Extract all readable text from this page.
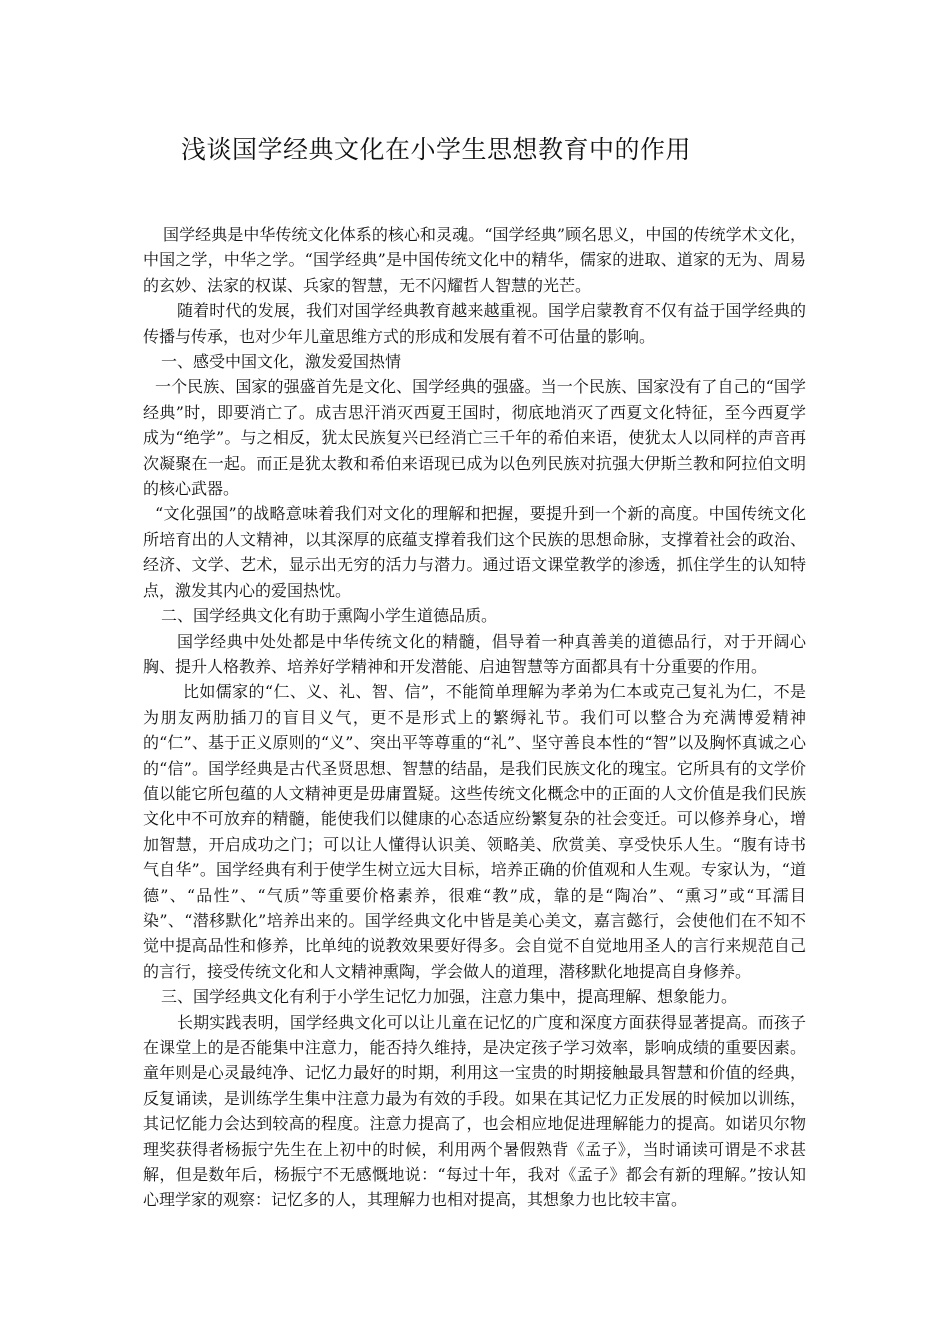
浅谈国学经典文化在小学生思想教育中的作用

国学经典是中华传统文化体系的核心和灵魂。“国学经典”顾名思义，中国的传统学术文化，中国之学，中华之学。“国学经典”是中国传统文化中的精华，儒家的进取、道家的无为、周易的玄妙、法家的权谋、兵家的智慧，无不闪耀哲人智慧的光芒。

随着时代的发展，我们对国学经典教育越来越重视。国学启蒙教育不仅有益于国学经典的传播与传承，也对少年儿童思维方式的形成和发展有着不可估量的影响。

一、感受中国文化，激发爱国热情

一个民族、国家的强盛首先是文化、国学经典的强盛。当一个民族、国家没有了自己的“国学经典”时，即要消亡了。成吉思汗消灭西夏王国时，彻底地消灭了西夏文化特征，至今西夏学成为“绝学”。与之相反，犹太民族复兴已经消亡三千年的希伯来语，使犹太人以同样的声音再次凝聚在一起。而正是犹太教和希伯来语现已成为以色列民族对抗强大伊斯兰教和阿拉伯文明的核心武器。

“文化强国”的战略意味着我们对文化的理解和把握，要提升到一个新的高度。中国传统文化所培育出的人文精神，以其深厚的底蕴支撑着我们这个民族的思想命脉，支撑着社会的政治、经济、文学、艺术，显示出无穷的活力与潜力。通过语文课堂教学的渗透，抓住学生的认知特点，激发其内心的爱国热忱。

二、国学经典文化有助于熏陶小学生道德品质。

国学经典中处处都是中华传统文化的精髓，倡导着一种真善美的道德品行，对于开阔心胸、提升人格教养、培养好学精神和开发潜能、启迪智慧等方面都具有十分重要的作用。

比如儒家的“仁、义、礼、智、信”，不能简单理解为孝弟为仁本或克己复礼为仁，不是为朋友两肋插刀的盲目义气，更不是形式上的繁缛礼节。我们可以整合为充满博爱精神的“仁”、基于正义原则的“义”、突出平等尊重的“礼”、坚守善良本性的“智”以及胸怀真诚之心的“信”。国学经典是古代圣贤思想、智慧的结晶，是我们民族文化的瑰宝。它所具有的文学价值以能它所包蕴的人文精神更是毋庸置疑。这些传统文化概念中的正面的人文价值是我们民族文化中不可放弃的精髓，能使我们以健康的心态适应纷繁复杂的社会变迁。可以修养身心，增加智慧，开启成功之门；可以让人懂得认识美、领略美、欣赏美、享受快乐人生。“腹有诗书气自华”。国学经典有利于使学生树立远大目标，培养正确的价值观和人生观。专家认为，“道德”、“品性”、“气质”等重要价格素养，很难“教”成，靠的是“陶冶”、“熏习”或“耳濡目染”、“潜移默化”培养出来的。国学经典文化中皆是美心美文，嘉言懿行，会使他们在不知不觉中提高品性和修养，比单纯的说教效果要好得多。会自觉不自觉地用圣人的言行来规范自己的言行，接受传统文化和人文精神熏陶，学会做人的道理，潜移默化地提高自身修养。

三、国学经典文化有利于小学生记忆力加强，注意力集中，提高理解、想象能力。

长期实践表明，国学经典文化可以让儿童在记忆的广度和深度方面获得显著提高。而孩子在课堂上的是否能集中注意力，能否持久维持，是决定孩子学习效率，影响成绩的重要因素。童年则是心灵最纯净、记忆力最好的时期，利用这一宝贵的时期接触最具智慧和价值的经典，反复诵读，是训练学生集中注意力最为有效的手段。如果在其记忆力正发展的时候加以训练，其记忆能力会达到较高的程度。注意力提高了，也会相应地促进理解能力的提高。如诺贝尔物理奖获得者杨振宁先生在上初中的时候，利用两个暑假熟背《孟子》，当时诵读可谓是不求甚解，但是数年后，杨振宁不无感慨地说：“每过十年，我对《孟子》都会有新的理解。”按认知心理学家的观察：记忆多的人，其理解力也相对提高，其想象力也比较丰富。
